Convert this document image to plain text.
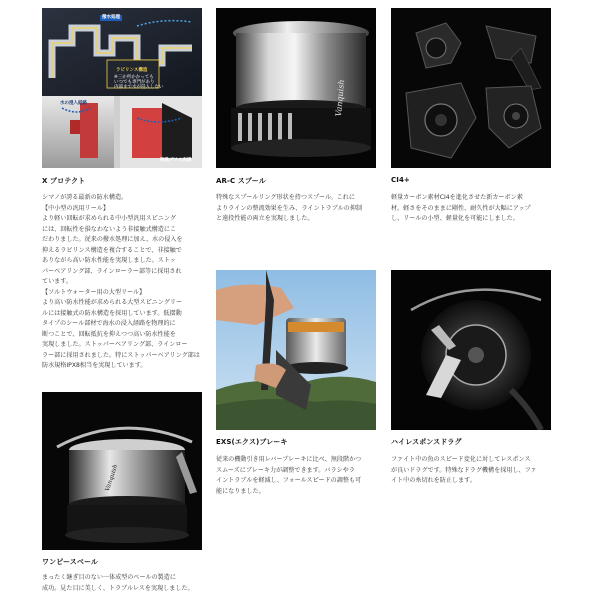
撥水処理
ラビリンス構造
※三か所かかっても
いつでも専門があり
内部まで水が侵入しない
水の浸入経路
特殊グリス充填
X プロテクト
シマノが誇る最新の防水構造。
【中小型の汎用リール】
より軽い回転が求められる中小型汎用スピニング
には、回転性を損なわないよう非接触式構造にこ
だわりました。従来の撥水処理に加え、水の侵入を
抑えるラビリンス構造を複合することで、非接触で
ありながら高い防水性能を実現しました。ストッ
パーベアリング部、ラインローラー部等に採用され
ています。
【ソルトウォーター用の大型リール】
より高い防水性能が求められる大型スピニングリー
ルには接触式の防水構造を採用しています。低摺動
タイプのシール部材で海水の浸入経路を物理的に
断つことで、回転抵抗を抑えつつ高い防水性能を
実現しました。ストッパーベアリング部、ラインロー
ラー部に採用されました。特にストッパーベアリング部は
防水規格IPX8相当を実現しています。
Vanquish
AR-C スプール
特殊なスプールリング形状を持つスプール。これに
よりラインの整流効果を生み、ライントラブルの抑制
と遠投性能の両立を実現しました。
CI4+
軽量カーボン素材CI4を進化させた新カーボン素
材。軽さをそのままに剛性、耐久性が大幅にアップ
し、リールの小型、軽量化を可能にしました。
EXS(エクス)ブレーキ
従来の機動引き用レバーブレーキに比べ、無段階かつ
スムーズにブレーキ力が調整できます。バラシやラ
イントラブルを軽減し、フォールスピードの調整も可
能になりました。
ハイレスポンスドラグ
ファイト中の魚のスピード変化に対してレスポンス
が良いドラグです。特殊なドラグ機構を採用し、ファ
イト中の糸切れを防止します。
Vanquish
ワンピースベール
まったく継ぎ目のない一体成型のベールの製造に
成功。見た目に美しく、トラブルレスを実現しました。
